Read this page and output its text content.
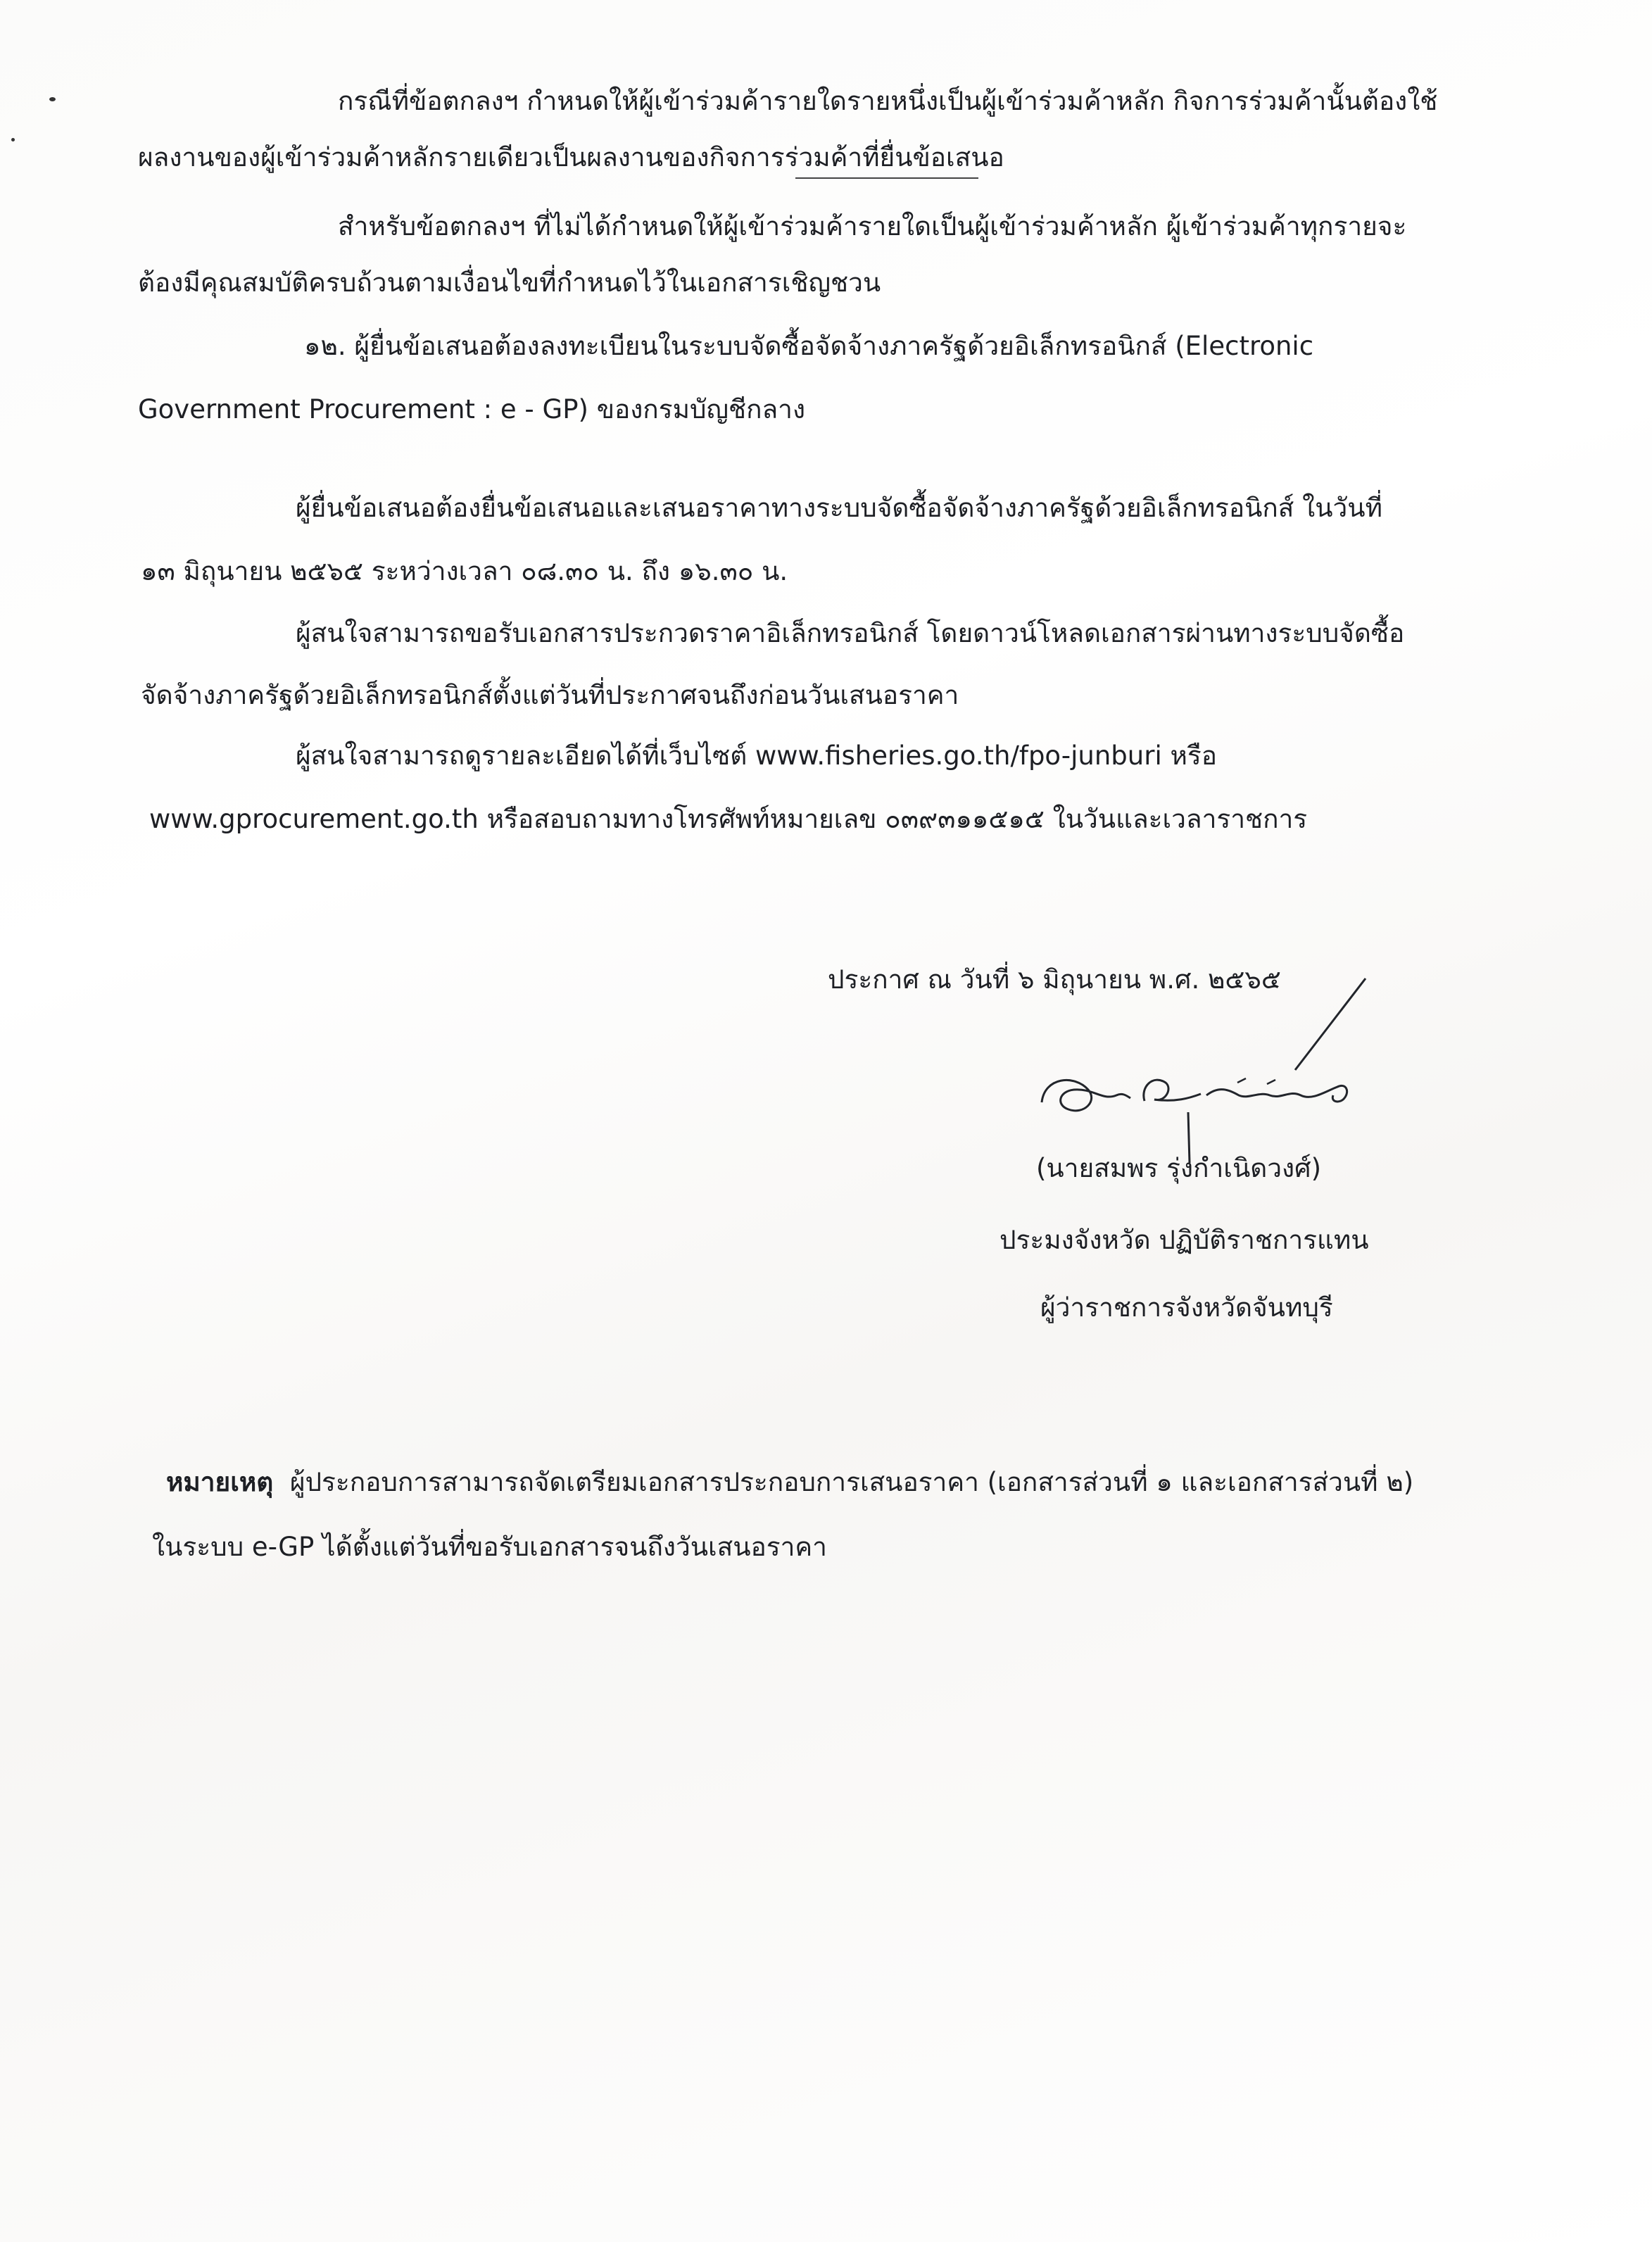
กรณีที่ข้อตกลงฯ กำหนดให้ผู้เข้าร่วมค้ารายใดรายหนึ่งเป็นผู้เข้าร่วมค้าหลัก กิจการร่วมค้านั้นต้องใช้
ผลงานของผู้เข้าร่วมค้าหลักรายเดียวเป็นผลงานของกิจการร่วมค้าที่ยื่นข้อเสนอ
สำหรับข้อตกลงฯ ที่ไม่ได้กำหนดให้ผู้เข้าร่วมค้ารายใดเป็นผู้เข้าร่วมค้าหลัก ผู้เข้าร่วมค้าทุกรายจะ
ต้องมีคุณสมบัติครบถ้วนตามเงื่อนไขที่กำหนดไว้ในเอกสารเชิญชวน
๑๒. ผู้ยื่นข้อเสนอต้องลงทะเบียนในระบบจัดซื้อจัดจ้างภาครัฐด้วยอิเล็กทรอนิกส์ (Electronic
Government Procurement : e - GP) ของกรมบัญชีกลาง
ผู้ยื่นข้อเสนอต้องยื่นข้อเสนอและเสนอราคาทางระบบจัดซื้อจัดจ้างภาครัฐด้วยอิเล็กทรอนิกส์ ในวันที่
๑๓ มิถุนายน ๒๕๖๕ ระหว่างเวลา ๐๘.๓๐ น. ถึง ๑๖.๓๐ น.
ผู้สนใจสามารถขอรับเอกสารประกวดราคาอิเล็กทรอนิกส์ โดยดาวน์โหลดเอกสารผ่านทางระบบจัดซื้อ
จัดจ้างภาครัฐด้วยอิเล็กทรอนิกส์ตั้งแต่วันที่ประกาศจนถึงก่อนวันเสนอราคา
ผู้สนใจสามารถดูรายละเอียดได้ที่เว็บไซต์ www.fisheries.go.th/fpo-junburi หรือ
www.gprocurement.go.th หรือสอบถามทางโทรศัพท์หมายเลข ๐๓๙๓๑๑๕๑๕ ในวันและเวลาราชการ
ประกาศ ณ วันที่ ๖ มิถุนายน พ.ศ. ๒๕๖๕
(นายสมพร รุ่งกำเนิดวงศ์)
ประมงจังหวัด ปฏิบัติราชการแทน
ผู้ว่าราชการจังหวัดจันทบุรี
หมายเหตุ ผู้ประกอบการสามารถจัดเตรียมเอกสารประกอบการเสนอราคา (เอกสารส่วนที่ ๑ และเอกสารส่วนที่ ๒)
ในระบบ e-GP ได้ตั้งแต่วันที่ขอรับเอกสารจนถึงวันเสนอราคา
